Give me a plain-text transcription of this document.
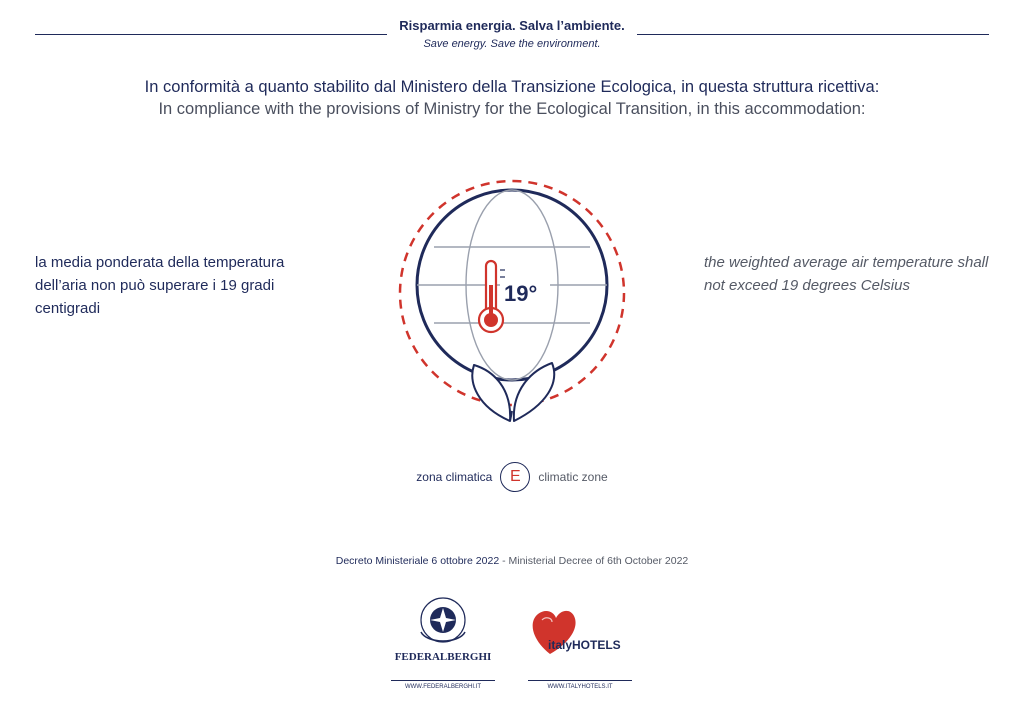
Risparmia energia. Salva l’ambiente.
Save energy. Save the environment.
In conformità a quanto stabilito dal Ministero della Transizione Ecologica, in questa struttura ricettiva:
In compliance with the provisions of Ministry for the Ecological Transition, in this accommodation:
la media ponderata della temperatura dell’aria non può superare i 19 gradi centigradi
the weighted average air temperature shall not exceed 19 degrees Celsius
19°
zona climatica	E	climatic zone
Decreto Ministeriale 6 ottobre 2022 - Ministerial Decree of 6th October 2022
FEDERALBERGHI
WWW.FEDERALBERGHI.IT
italyHOTELS
WWW.ITALYHOTELS.IT
